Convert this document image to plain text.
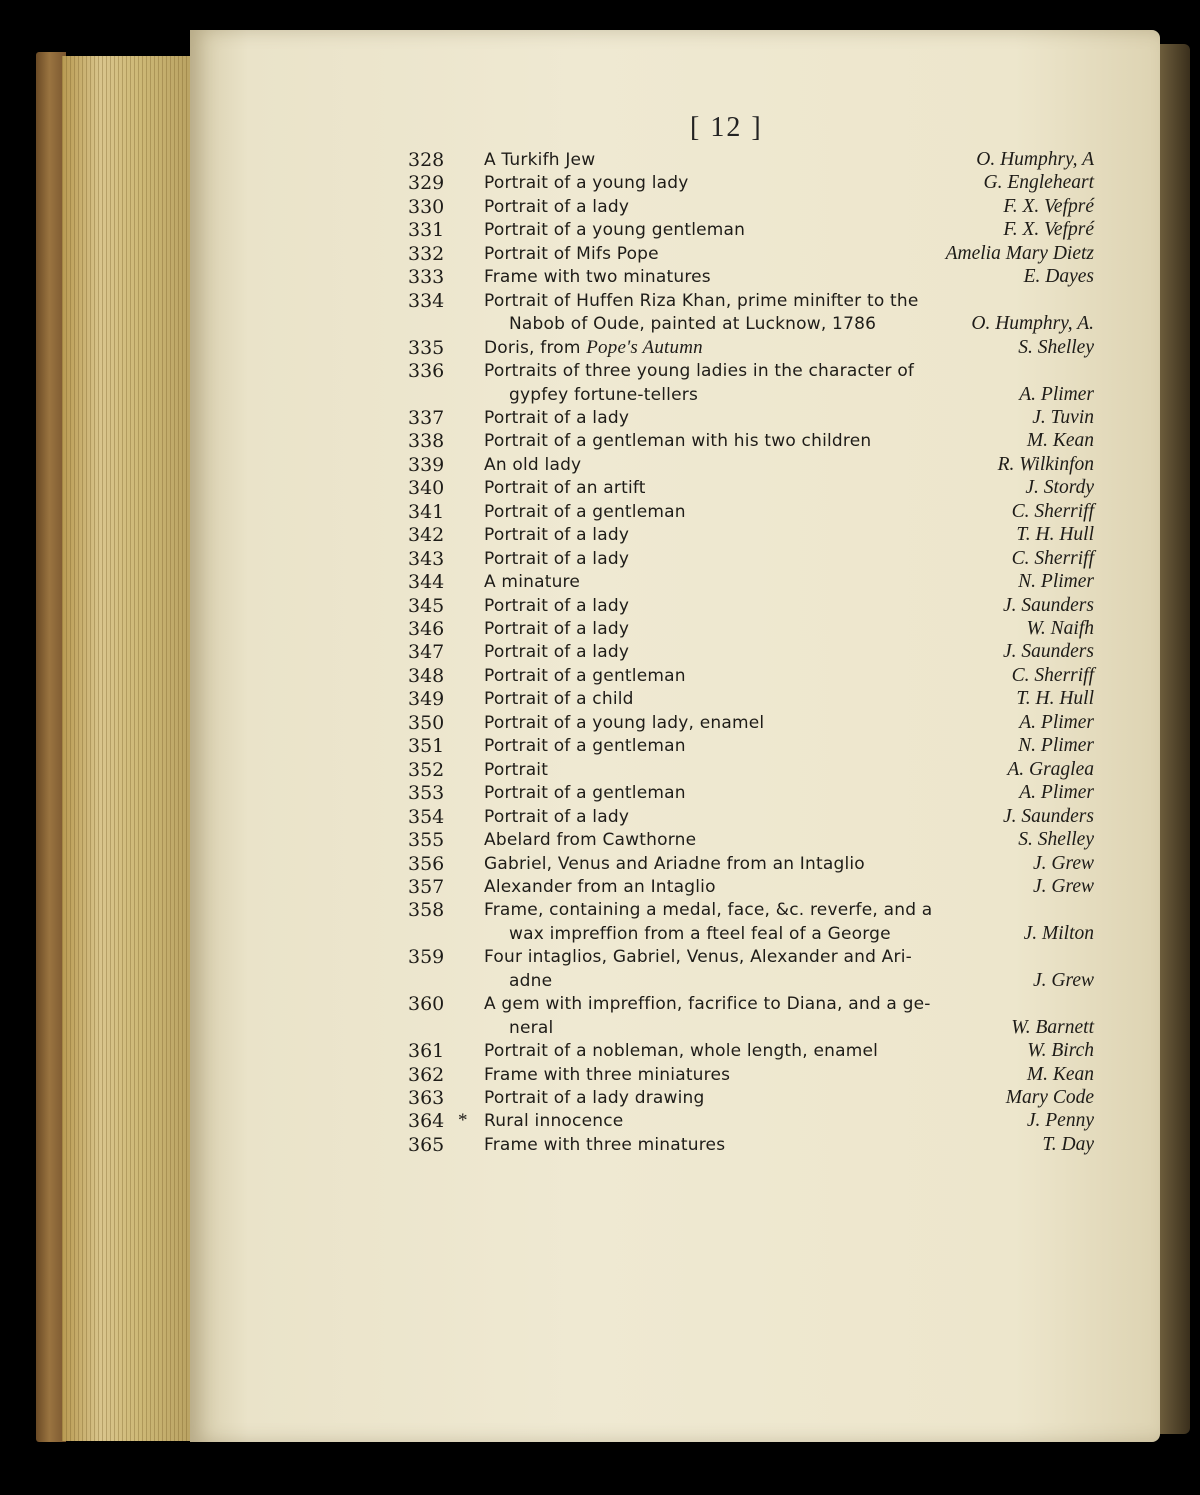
[ 12 ]
328	A Turkifh Jew	O. Humphry, A
329	Portrait of a young lady	G. Engleheart
330	Portrait of a lady	F. X. Vefpré
331	Portrait of a young gentleman	F. X. Vefpré
332	Portrait of Mifs Pope	Amelia Mary Dietz
333	Frame with two minatures	E. Dayes
334	Portrait of Huffen Riza Khan, prime minifter to the
Nabob of Oude, painted at Lucknow, 1786	O. Humphry, A.
335	Doris, from Pope's Autumn	S. Shelley
336	Portraits of three young ladies in the character of
gypfey fortune-tellers	A. Plimer
337	Portrait of a lady	J. Tuvin
338	Portrait of a gentleman with his two children	M. Kean
339	An old lady	R. Wilkinfon
340	Portrait of an artift	J. Stordy
341	Portrait of a gentleman	C. Sherriff
342	Portrait of a lady	T. H. Hull
343	Portrait of a lady	C. Sherriff
344	A minature	N. Plimer
345	Portrait of a lady	J. Saunders
346	Portrait of a lady	W. Naifh
347	Portrait of a lady	J. Saunders
348	Portrait of a gentleman	C. Sherriff
349	Portrait of a child	T. H. Hull
350	Portrait of a young lady, enamel	A. Plimer
351	Portrait of a gentleman	N. Plimer
352	Portrait	A. Graglea
353	Portrait of a gentleman	A. Plimer
354	Portrait of a lady	J. Saunders
355	Abelard from Cawthorne	S. Shelley
356	Gabriel, Venus and Ariadne from an Intaglio	J. Grew
357	Alexander from an Intaglio	J. Grew
358	Frame, containing a medal, face, &c. reverfe, and a
wax impreffion from a fteel feal of a George	J. Milton
359	Four intaglios, Gabriel, Venus, Alexander and Ari-
adne	J. Grew
360	A gem with impreffion, facrifice to Diana, and a ge-
neral	W. Barnett
361	Portrait of a nobleman, whole length, enamel	W. Birch
362	Frame with three miniatures	M. Kean
363	Portrait of a lady drawing	Mary Code
364 * Rural innocence	J. Penny
365	Frame with three minatures	T. Day
